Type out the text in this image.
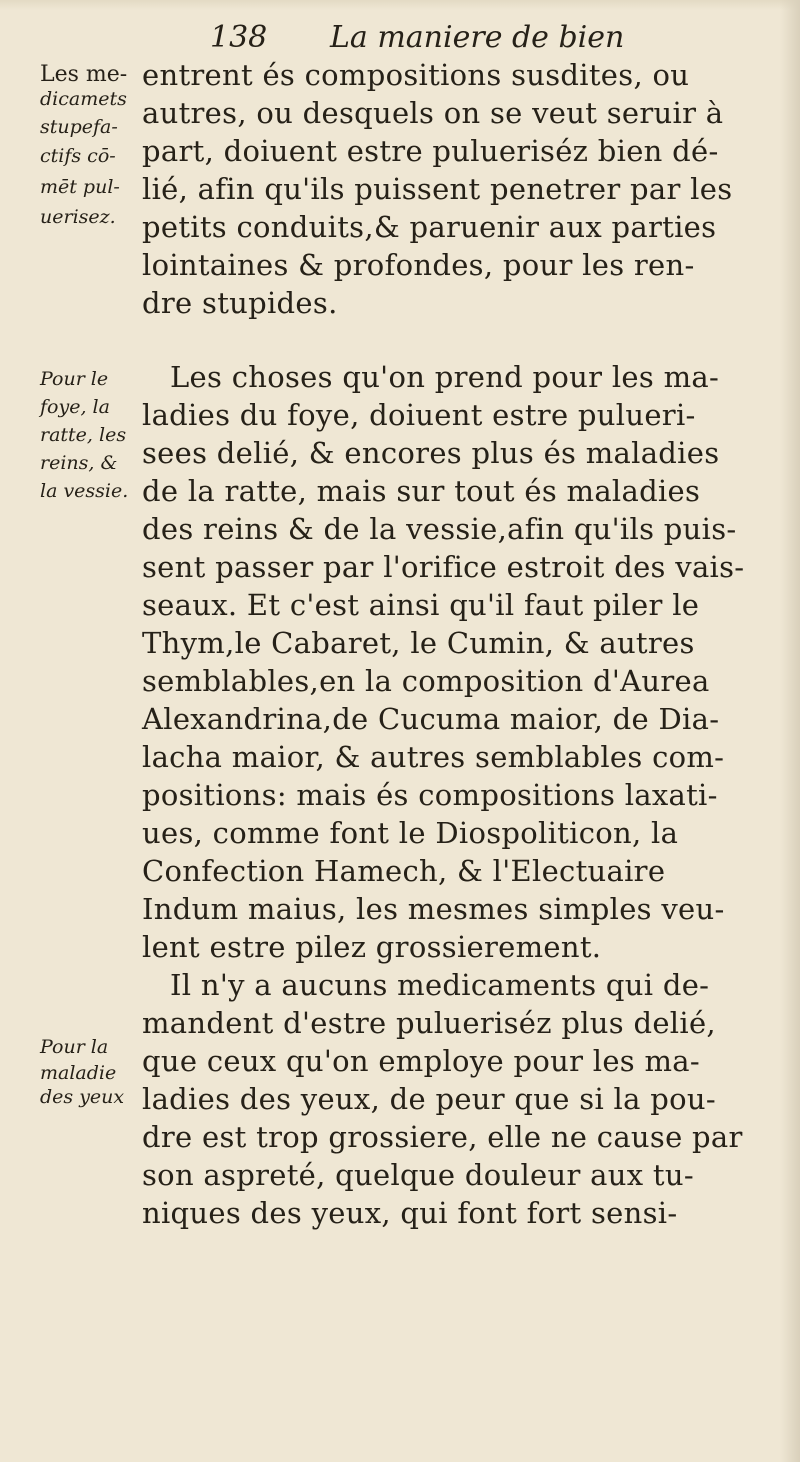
138 La maniere de bien
Les me-
dicamets
stupefa-
ctifs cō-
mēt pul-
uerisez.
Pour le
foye, la
ratte, les
reins, &
la vessie.
Pour la
maladie
des yeux
entrent és compositions susdites, ou
autres, ou desquels on se veut seruir à
part, doiuent estre pulueriséz bien dé-
lié, afin qu'ils puissent penetrer par les
petits conduits,& paruenir aux parties
lointaines & profondes, pour les ren-
dre stupides.
Les choses qu'on prend pour les ma-
ladies du foye, doiuent estre pulueri-
sees delié, & encores plus és maladies
de la ratte, mais sur tout és maladies
des reins & de la vessie,afin qu'ils puis-
sent passer par l'orifice estroit des vais-
seaux. Et c'est ainsi qu'il faut piler le
Thym,le Cabaret, le Cumin, & autres
semblables,en la composition d'Aurea
Alexandrina,de Cucuma maior, de Dia-
lacha maior, & autres semblables com-
positions: mais és compositions laxati-
ues, comme font le Diospoliticon, la
Confection Hamech, & l'Electuaire
Indum maius, les mesmes simples veu-
lent estre pilez grossierement.
Il n'y a aucuns medicaments qui de-
mandent d'estre pulueriséz plus delié,
que ceux qu'on employe pour les ma-
ladies des yeux, de peur que si la pou-
dre est trop grossiere, elle ne cause par
son aspreté, quelque douleur aux tu-
niques des yeux, qui font fort sensi-
